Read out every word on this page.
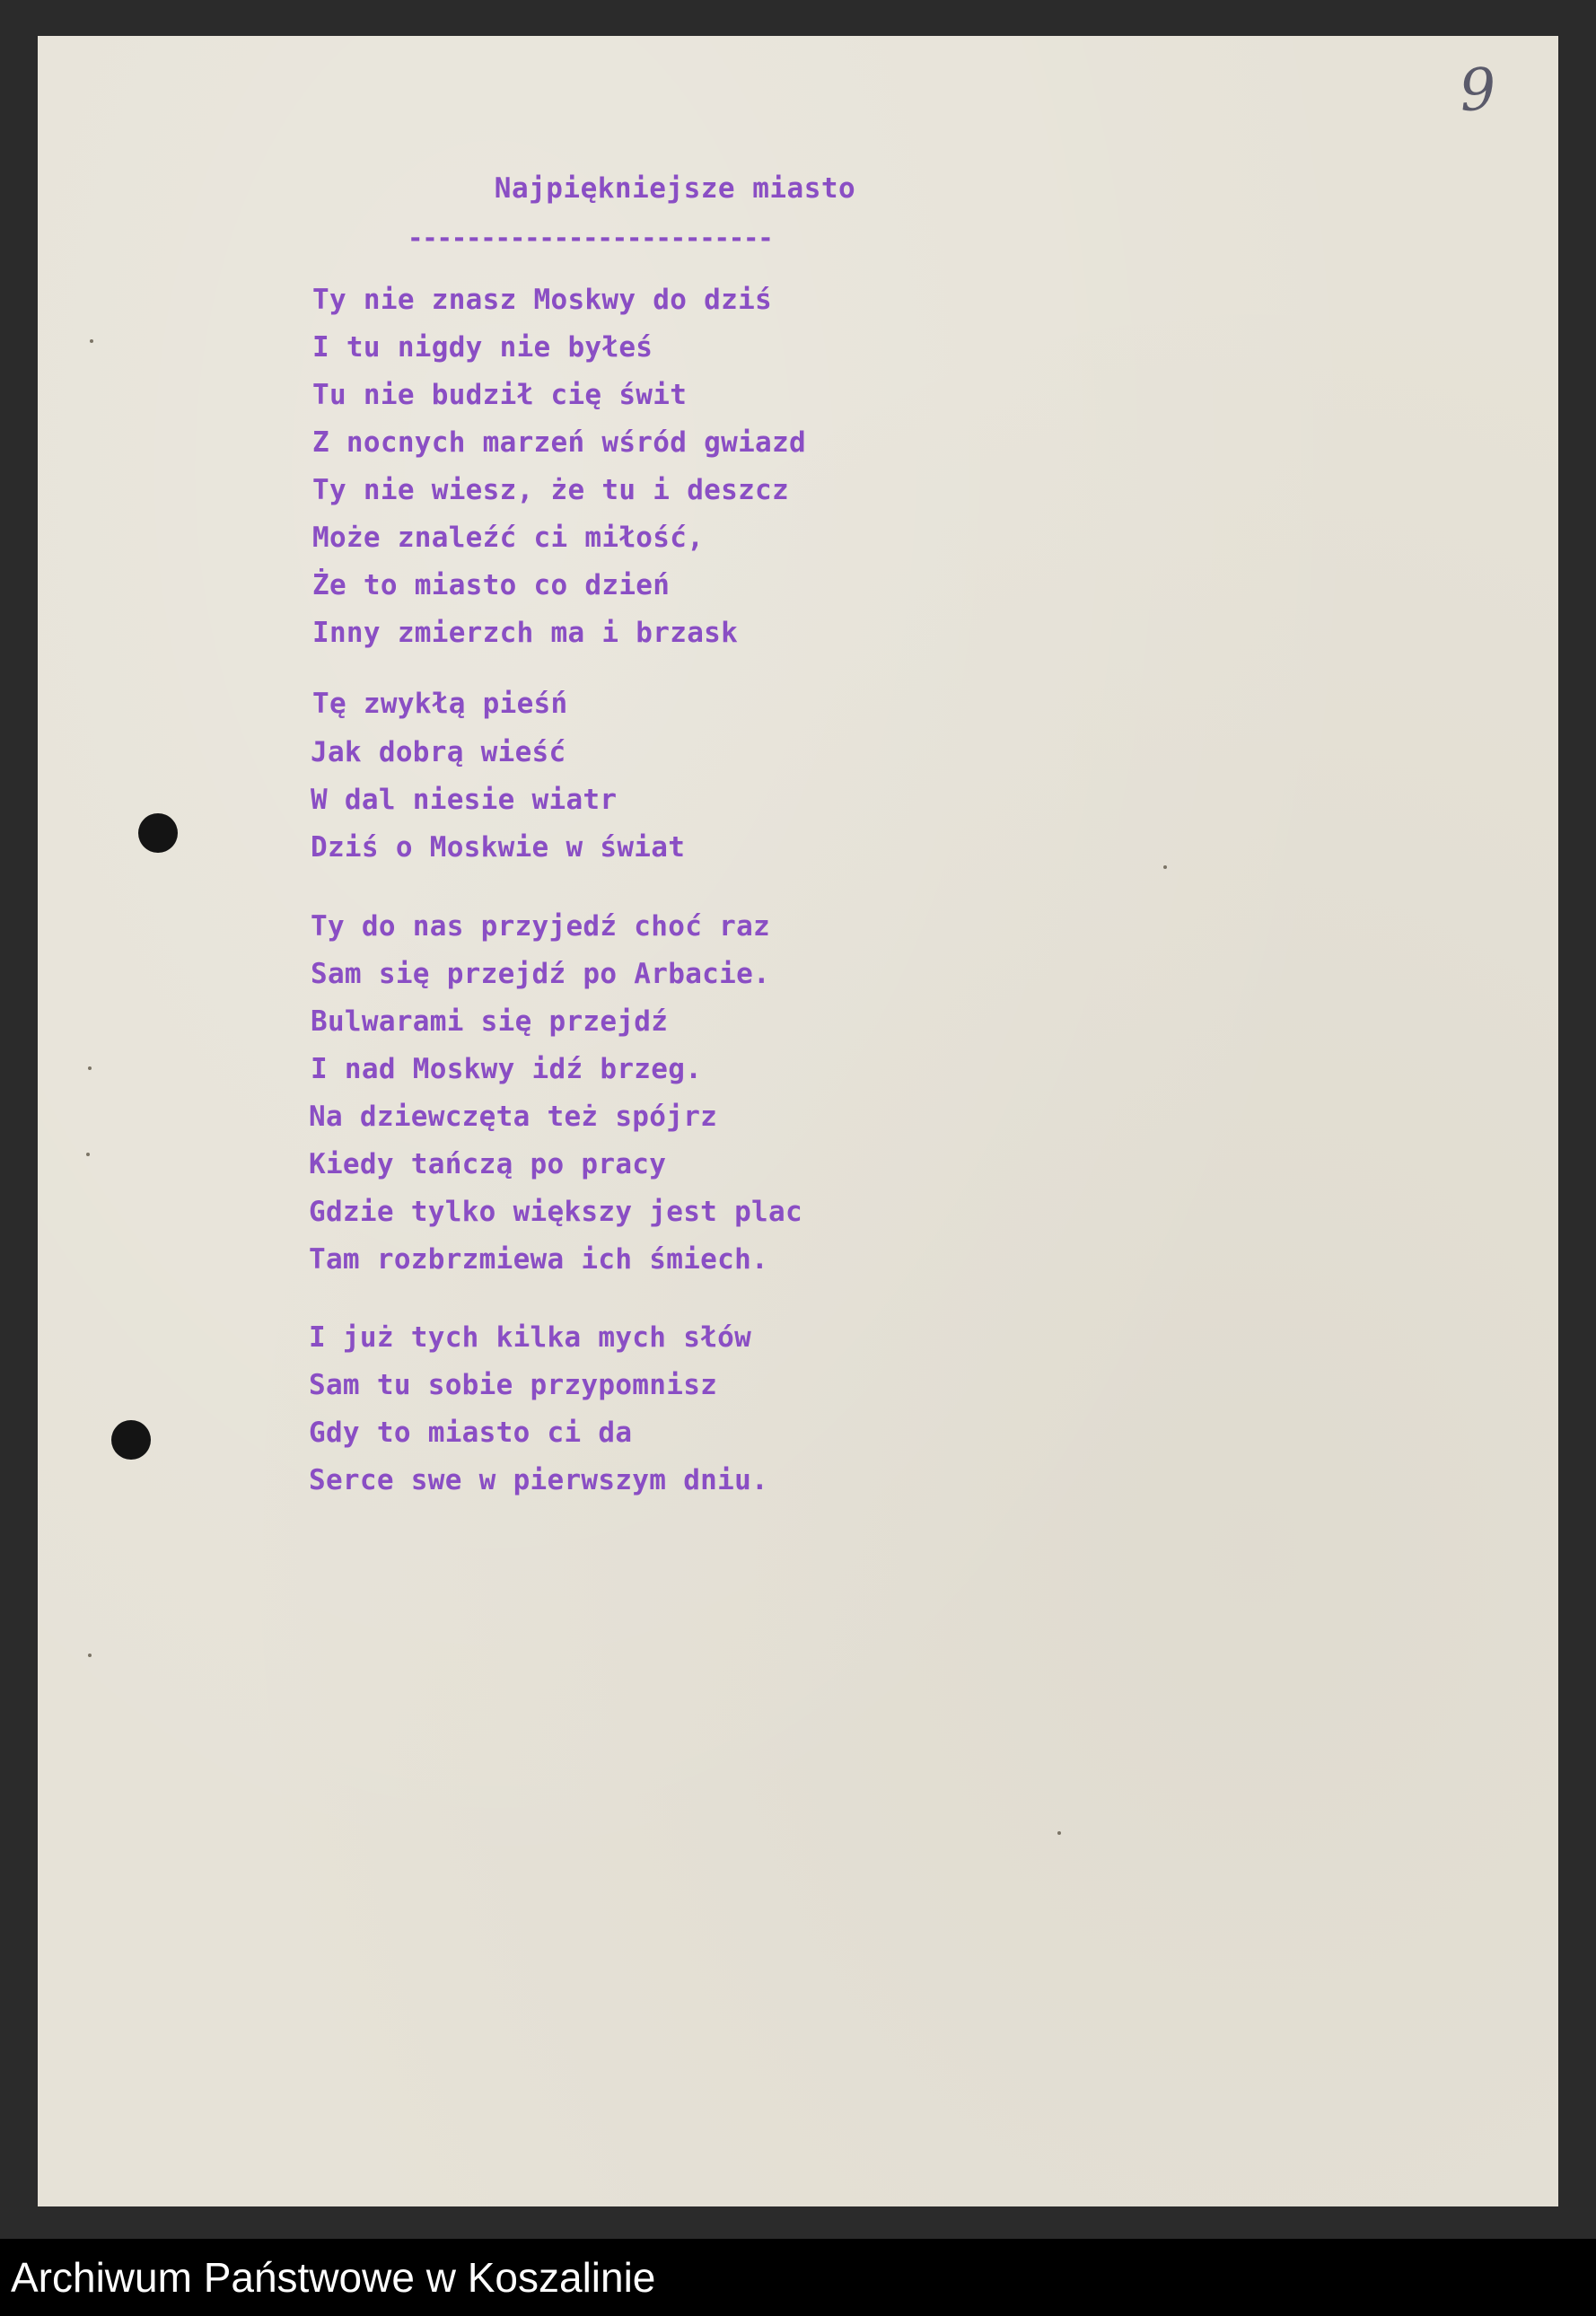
9
Najpiękniejsze miasto
-------------------------
Ty nie znasz Moskwy do dziś
I tu nigdy nie byłeś
Tu nie budził cię świt
Z nocnych marzeń wśród gwiazd
Ty nie wiesz, że tu i deszcz
Może znaleźć ci miłość,
Że to miasto co dzień
Inny zmierzch ma i brzask
Tę zwykłą pieśń
Jak dobrą wieść
W dal niesie wiatr
Dziś o Moskwie w świat
Ty do nas przyjedź choć raz
Sam się przejdź po Arbacie.
Bulwarami się przejdź
I nad Moskwy idź brzeg.
Na dziewczęta też spójrz
Kiedy tańczą po pracy
Gdzie tylko większy jest plac
Tam rozbrzmiewa ich śmiech.
I już tych kilka mych słów
Sam tu sobie przypomnisz
Gdy to miasto ci da
Serce swe w pierwszym dniu.
Archiwum Państwowe w Koszalinie
